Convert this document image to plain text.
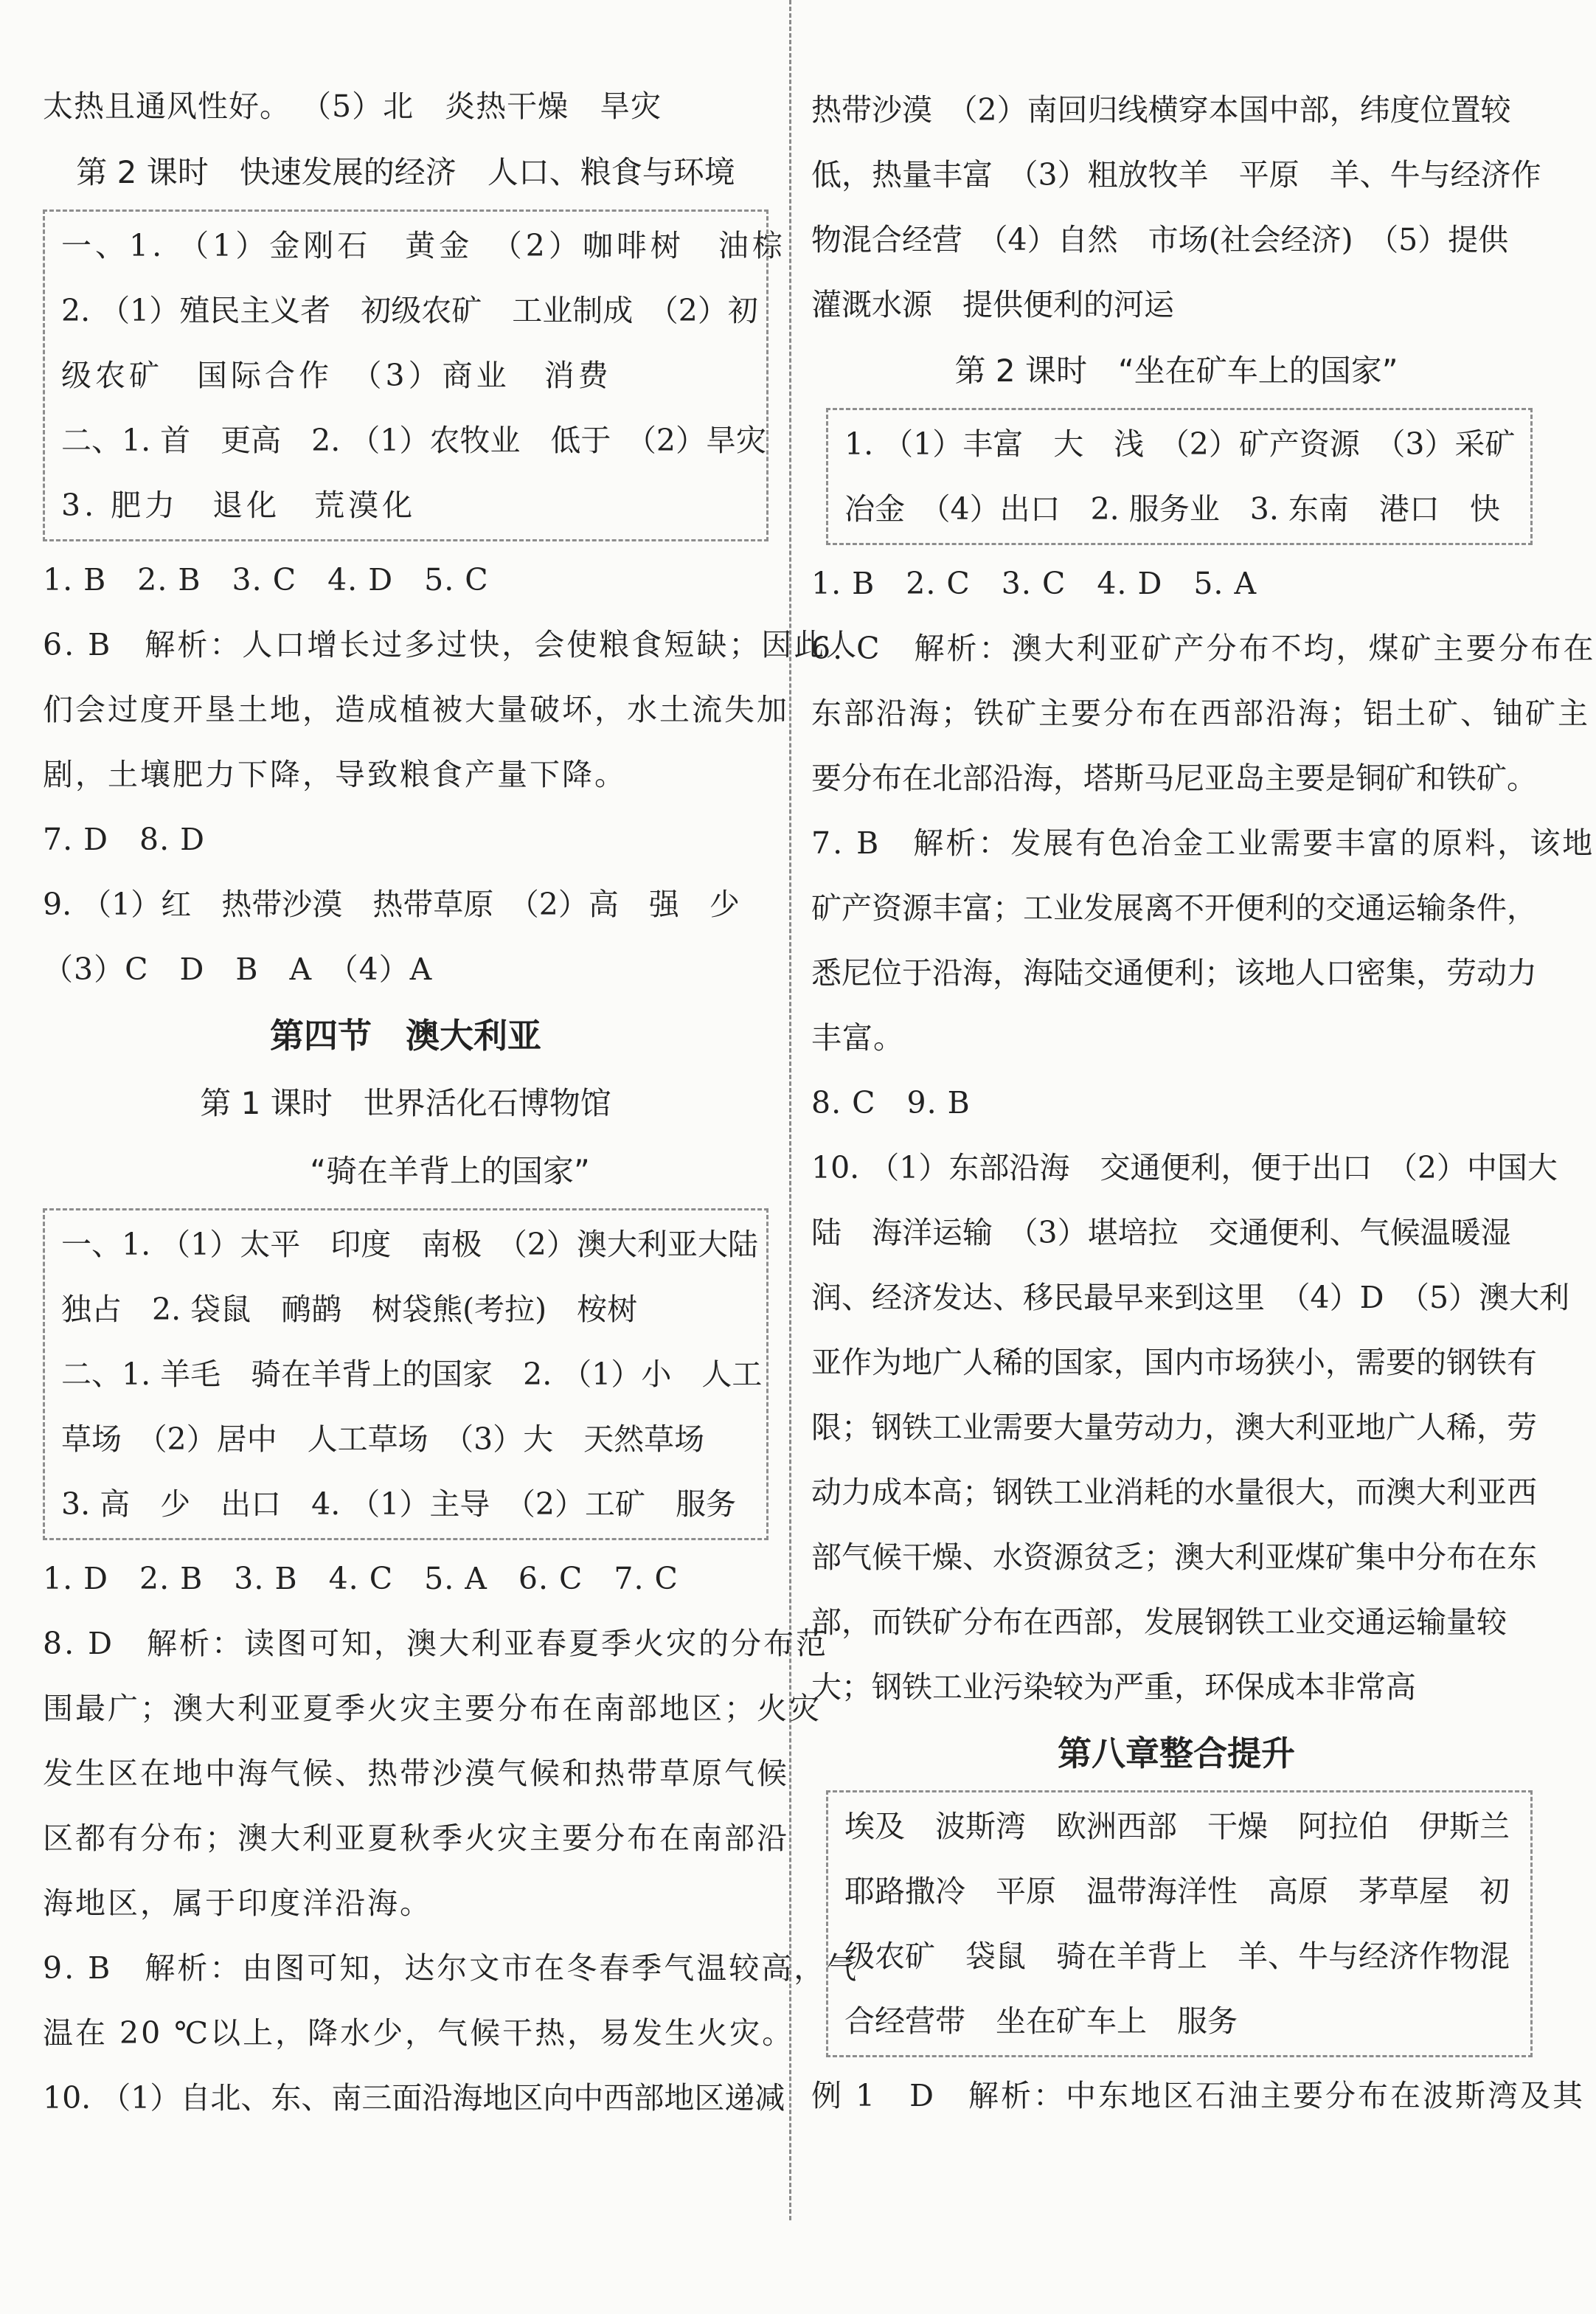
太热且通风性好。 （5）北　炎热干燥　旱灾
第 2 课时　快速发展的经济　人口、粮食与环境
一、1. （1）金刚石　黄金　（2）咖啡树　油棕
2. （1）殖民主义者　初级农矿　工业制成　（2）初
级农矿　国际合作　（3）商业　消费
二、1. 首　更高　2. （1）农牧业　低于　（2）旱灾
3. 肥力　退化　荒漠化
1. B　2. B　3. C　4. D　5. C
6. B　解析：人口增长过多过快，会使粮食短缺；因此人
们会过度开垦土地，造成植被大量破坏，水土流失加
剧，土壤肥力下降，导致粮食产量下降。
7. D　8. D
9. （1）红　热带沙漠　热带草原　（2）高　强　少
（3）C　D　B　A　（4）A
第四节　澳大利亚
第 1 课时　世界活化石博物馆
“骑在羊背上的国家”
一、1. （1）太平　印度　南极　（2）澳大利亚大陆
独占　2. 袋鼠　鸸鹋　树袋熊(考拉)　桉树
二、1. 羊毛　骑在羊背上的国家　2. （1）小　人工
草场　（2）居中　人工草场　（3）大　天然草场
3. 高　少　出口　4. （1）主导　（2）工矿　服务
1. D　2. B　3. B　4. C　5. A　6. C　7. C
8. D　解析：读图可知，澳大利亚春夏季火灾的分布范
围最广；澳大利亚夏季火灾主要分布在南部地区；火灾
发生区在地中海气候、热带沙漠气候和热带草原气候
区都有分布；澳大利亚夏秋季火灾主要分布在南部沿
海地区，属于印度洋沿海。
9. B　解析：由图可知，达尔文市在冬春季气温较高，气
温在 20 ℃以上，降水少，气候干热，易发生火灾。
10. （1）自北、东、南三面沿海地区向中西部地区递减
热带沙漠　（2）南回归线横穿本国中部，纬度位置较
低，热量丰富　（3）粗放牧羊　平原　羊、牛与经济作
物混合经营　（4）自然　市场(社会经济)　（5）提供
灌溉水源　提供便利的河运
第 2 课时　“坐在矿车上的国家”
1. （1）丰富　大　浅　（2）矿产资源　（3）采矿
冶金　（4）出口　2. 服务业　3. 东南　港口　快
1. B　2. C　3. C　4. D　5. A
6. C　解析：澳大利亚矿产分布不均，煤矿主要分布在
东部沿海；铁矿主要分布在西部沿海；铝土矿、铀矿主
要分布在北部沿海，塔斯马尼亚岛主要是铜矿和铁矿。
7. B　解析：发展有色冶金工业需要丰富的原料，该地
矿产资源丰富；工业发展离不开便利的交通运输条件，
悉尼位于沿海，海陆交通便利；该地人口密集，劳动力
丰富。
8. C　9. B
10. （1）东部沿海　交通便利，便于出口　（2）中国大
陆　海洋运输　（3）堪培拉　交通便利、气候温暖湿
润、经济发达、移民最早来到这里　（4）D　（5）澳大利
亚作为地广人稀的国家，国内市场狭小，需要的钢铁有
限；钢铁工业需要大量劳动力，澳大利亚地广人稀，劳
动力成本高；钢铁工业消耗的水量很大，而澳大利亚西
部气候干燥、水资源贫乏；澳大利亚煤矿集中分布在东
部，而铁矿分布在西部，发展钢铁工业交通运输量较
大；钢铁工业污染较为严重，环保成本非常高
第八章整合提升
埃及　波斯湾　欧洲西部　干燥　阿拉伯　伊斯兰
耶路撒冷　平原　温带海洋性　高原　茅草屋　初
级农矿　袋鼠　骑在羊背上　羊、牛与经济作物混
合经营带　坐在矿车上　服务
例 1　D　解析：中东地区石油主要分布在波斯湾及其
